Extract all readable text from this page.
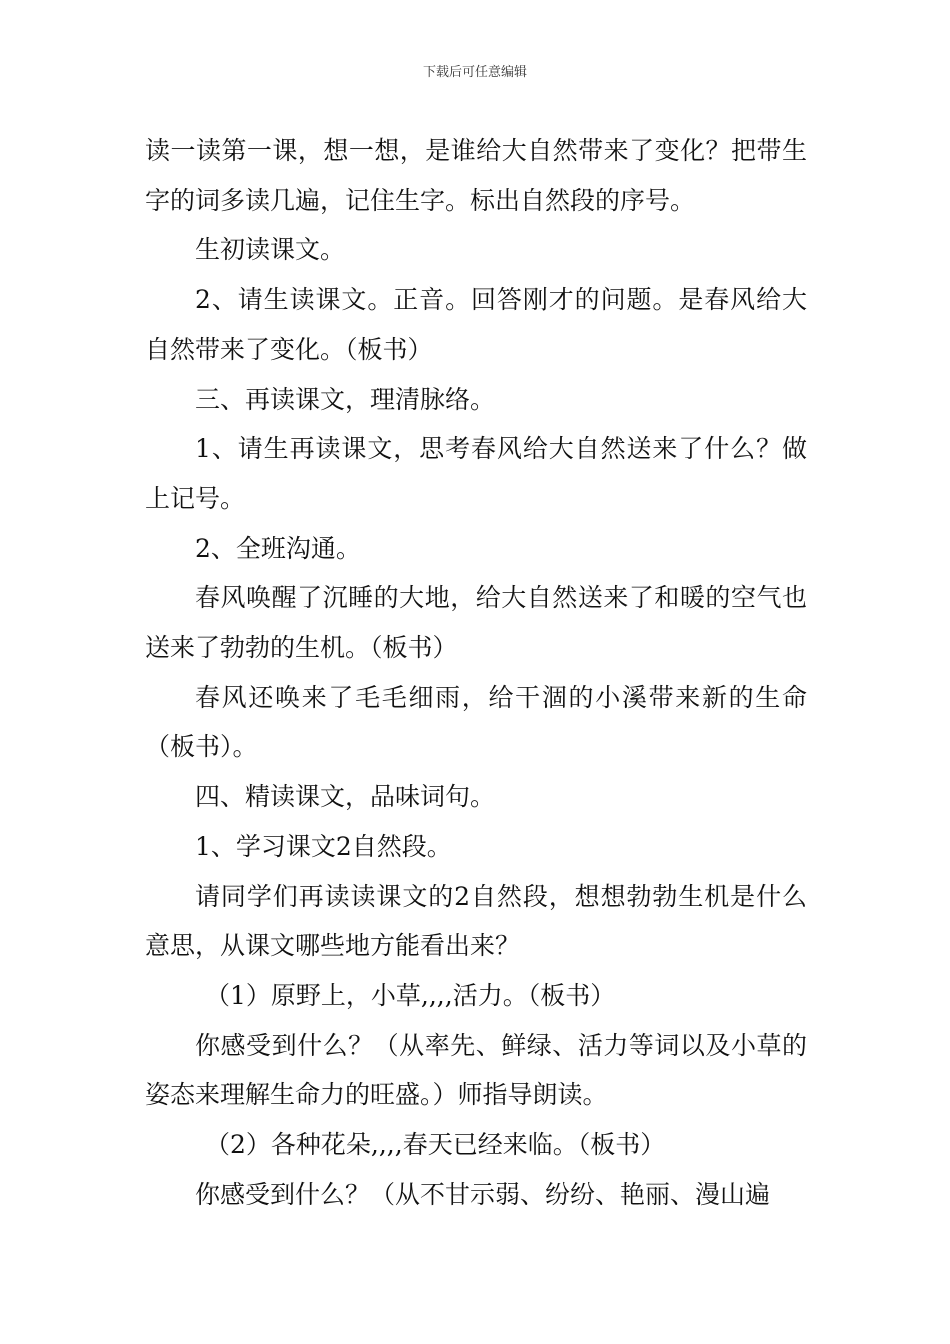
下载后可任意编辑

读一读第一课，想一想，是谁给大自然带来了变化？把带生字的词多读几遍，记住生字。标出自然段的序号。

生初读课文。

2、请生读课文。正音。回答刚才的问题。是春风给大自然带来了变化。（板书）

三、再读课文，理清脉络。

1、请生再读课文，思考春风给大自然送来了什么？做上记号。

2、全班沟通。

春风唤醒了沉睡的大地，给大自然送来了和暖的空气也送来了勃勃的生机。（板书）

春风还唤来了毛毛细雨，给干涸的小溪带来新的生命（板书）。

四、精读课文，品味词句。

1、学习课文2自然段。

请同学们再读读课文的2自然段，想想勃勃生机是什么意思，从课文哪些地方能看出来？

（1）原野上，小草,,,,活力。（板书）

你感受到什么？（从率先、鲜绿、活力等词以及小草的姿态来理解生命力的旺盛。）师指导朗读。

（2）各种花朵,,,,春天已经来临。（板书）

你感受到什么？（从不甘示弱、纷纷、艳丽、漫山遍
